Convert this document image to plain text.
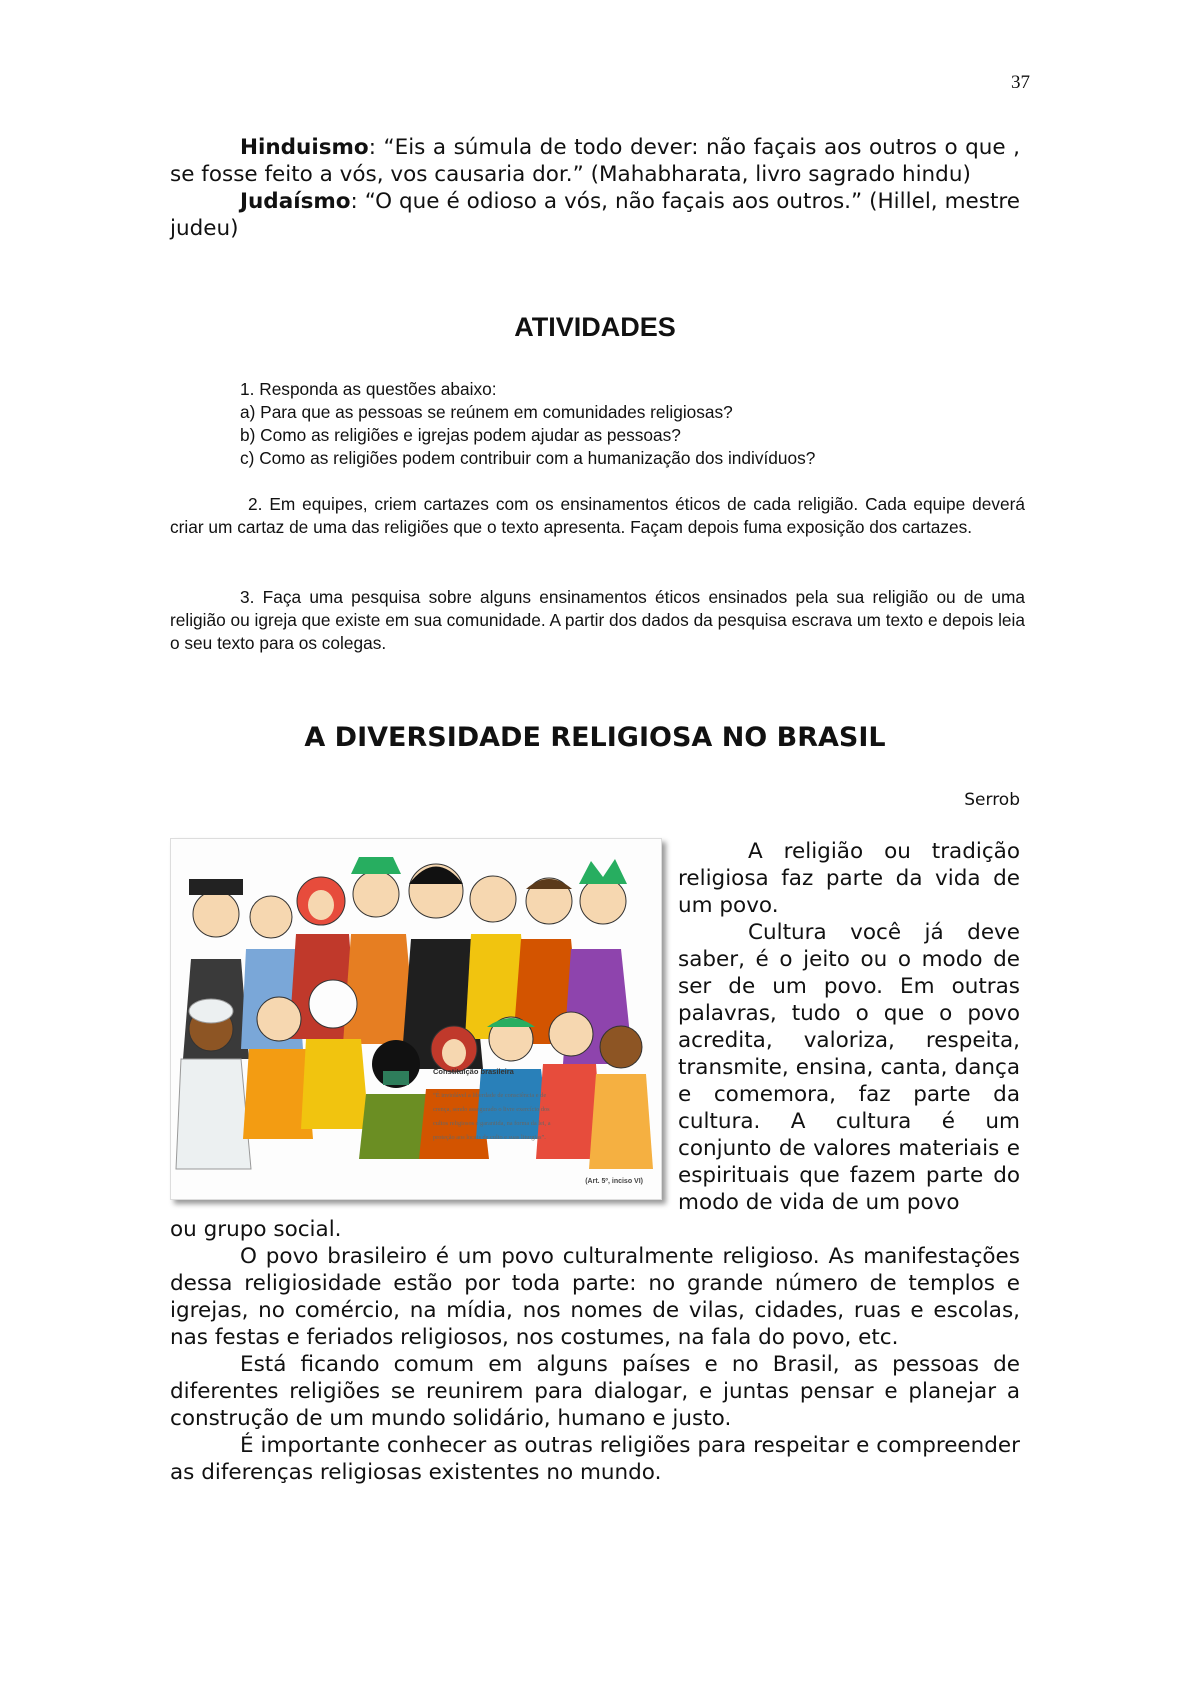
37

Hinduismo: “Eis a súmula de todo dever: não façais aos outros o que , se fosse feito a vós, vos causaria dor.” (Mahabharata, livro sagrado hindu)

Judaísmo: “O que é odioso a vós, não façais aos outros.” (Hillel, mestre judeu)

ATIVIDADES

1. Responda as questões abaixo:

a) Para que as pessoas se reúnem em comunidades religiosas?

b) Como as religiões e igrejas podem ajudar as pessoas?

c) Como as religiões podem contribuir com a humanização dos indivíduos?

2. Em equipes, criem cartazes com os ensinamentos éticos de cada religião. Cada equipe deverá criar um cartaz de uma das religiões que o texto apresenta. Façam depois fuma exposição dos cartazes.

3. Faça uma pesquisa sobre alguns ensinamentos éticos ensinados pela sua religião ou de uma religião ou igreja que existe em sua comunidade. A partir dos dados da pesquisa escrava um texto e depois leia o seu texto para os colegas.

A DIVERSIDADE RELIGIOSA NO BRASIL
Serrob
Constituição brasileira
“É inviolável a liberdade de consciência e de
crença, sendo assegurado o livre exercício dos
cultos religiosos e garantida, na forma da lei, a
proteção aos locais de culto e suas liturgias”.
(Art. 5º, inciso VI)

A religião ou tradição religiosa faz parte da vida de um povo.

Cultura você já deve saber, é o jeito ou o modo de ser de um povo. Em outras palavras, tudo o que o povo acredita, valoriza, respeita, transmite, ensina, canta, dança e comemora, faz parte da cultura. A cultura é um conjunto de valores materiais e espirituais que fazem parte do modo de vida de um povo

ou grupo social.

O povo brasileiro é um povo culturalmente religioso. As manifestações dessa religiosidade estão por toda parte: no grande número de templos e igrejas, no comércio, na mídia, nos nomes de vilas, cidades, ruas e escolas, nas festas e feriados religiosos, nos costumes, na fala do povo, etc.

Está ficando comum em alguns países e no Brasil, as pessoas de diferentes religiões se reunirem para dialogar, e juntas pensar e planejar a construção de um mundo solidário, humano e justo.

É importante conhecer as outras religiões para respeitar e compreender as diferenças religiosas existentes no mundo.
